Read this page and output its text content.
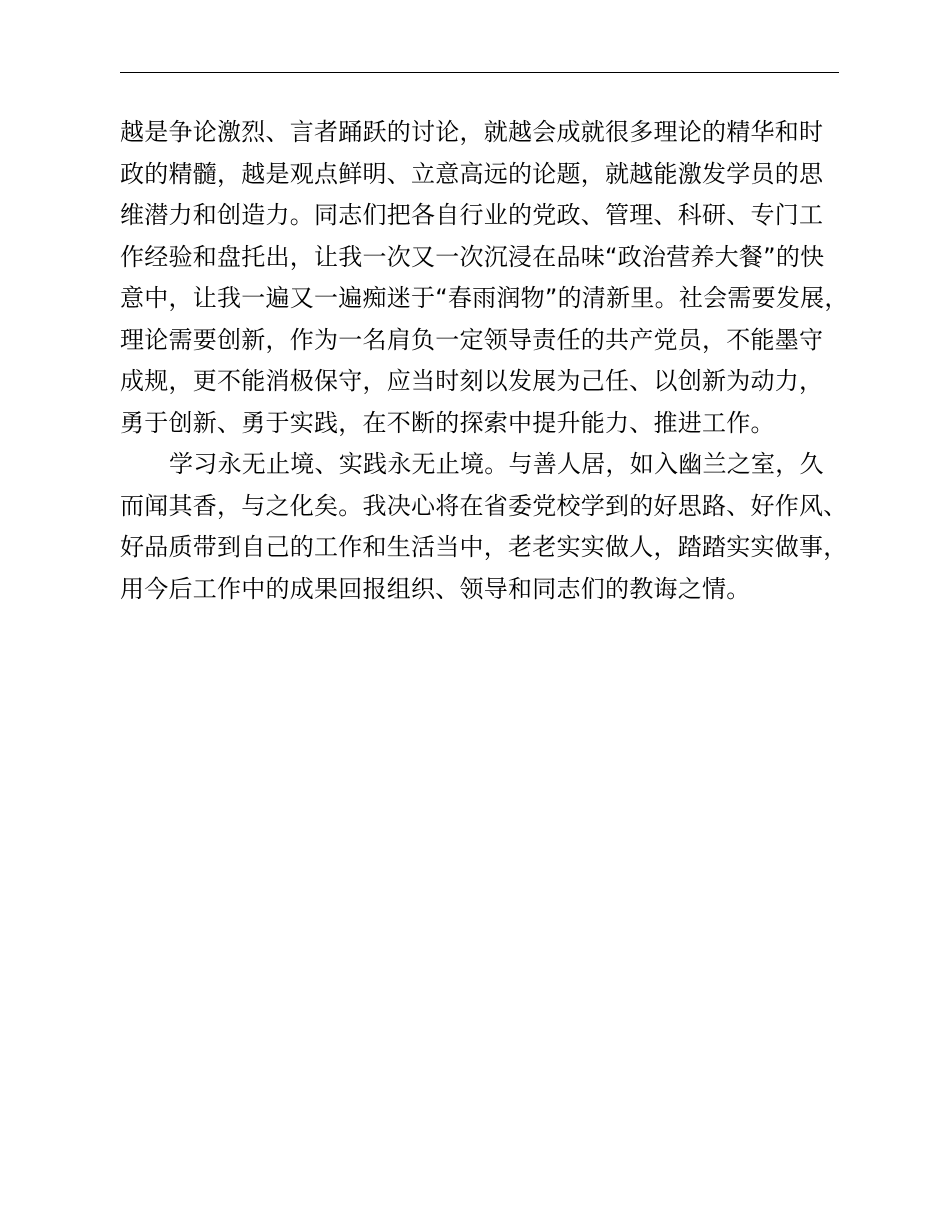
越是争论激烈、言者踊跃的讨论，就越会成就很多理论的精华和时
政的精髓，越是观点鲜明、立意高远的论题，就越能激发学员的思
维潜力和创造力。同志们把各自行业的党政、管理、科研、专门工
作经验和盘托出，让我一次又一次沉浸在品味“政治营养大餐”的快
意中，让我一遍又一遍痴迷于“春雨润物”的清新里。社会需要发展，
理论需要创新，作为一名肩负一定领导责任的共产党员，不能墨守
成规，更不能消极保守，应当时刻以发展为己任、以创新为动力，
勇于创新、勇于实践，在不断的探索中提升能力、推进工作。
学习永无止境、实践永无止境。与善人居，如入幽兰之室，久
而闻其香，与之化矣。我决心将在省委党校学到的好思路、好作风、
好品质带到自己的工作和生活当中，老老实实做人，踏踏实实做事，
用今后工作中的成果回报组织、领导和同志们的教诲之情。
